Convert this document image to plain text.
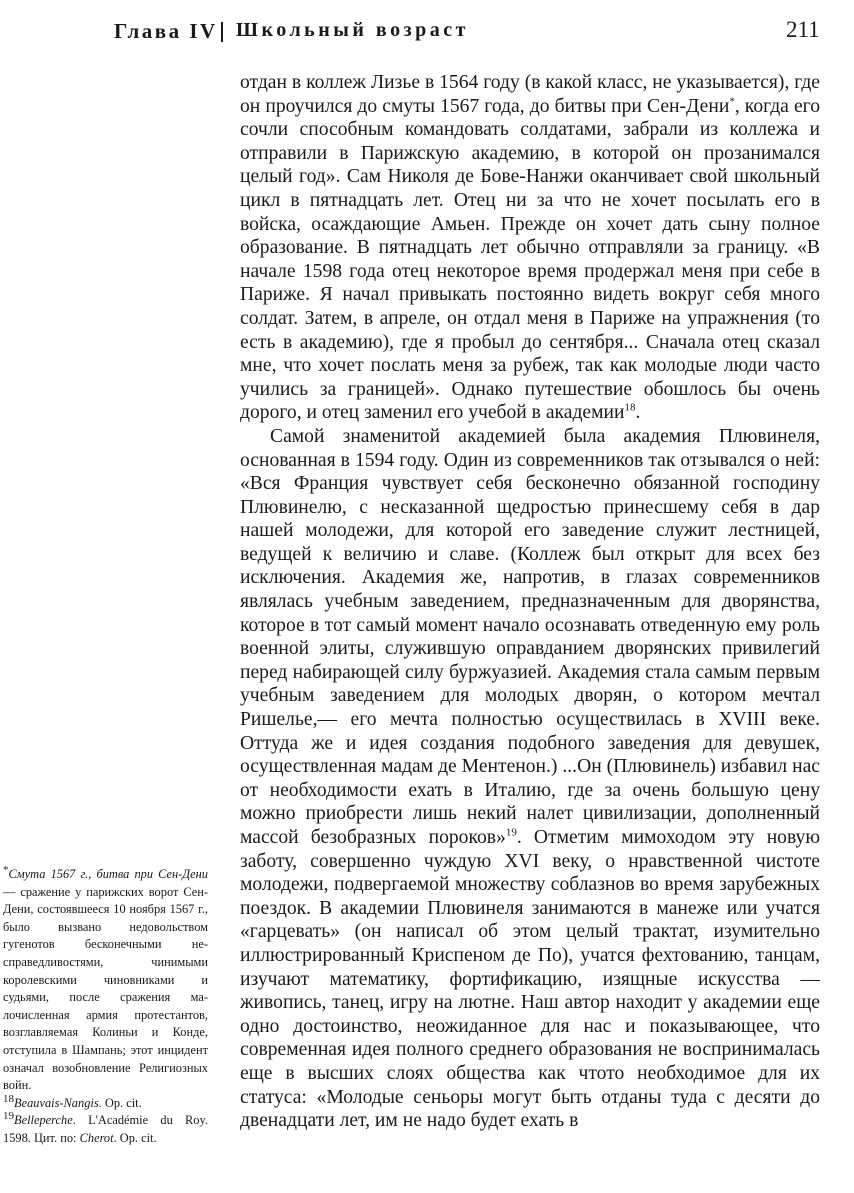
Глава IV Школьный возраст	211

отдан в коллеж Лизье в 1564 году (в какой класс, не указывается), где он проучился до смуты 1567 года, до битвы при Сен-Дени*, когда его сочли способным командовать солдатами, забрали из коллежа и отправили в Парижскую академию, в которой он прозанимался целый год». Сам Николя де Бове-Нанжи оканчивает свой школьный цикл в пятнадцать лет. Отец ни за что не хочет посылать его в войска, осаждающие Амьен. Прежде он хочет дать сыну полное образование. В пятнадцать лет обычно отправляли за границу. «В начале 1598 года отец некоторое время продержал меня при себе в Париже. Я начал привыкать постоянно видеть вокруг себя много солдат. Затем, в апреле, он отдал меня в Париже на упражнения (то есть в академию), где я пробыл до сентября... Сначала отец сказал мне, что хочет послать меня за рубеж, так как молодые люди часто учились за границей». Однако путешествие обошлось бы очень дорого, и отец заменил его учебой в академии$^{18}$.

Самой знаменитой академией была академия Плювинеля, основанная в 1594 году. Один из современников так отзывался о ней: «Вся Франция чувствует себя бесконечно обязанной господину Плювинелю, с несказанной щедростью принесшему себя в дар нашей молодежи, для которой его заведение служит лестницей, ведущей к величию и славе. (Коллеж был открыт для всех без исключения. Академия же, напротив, в глазах современников являлась учебным заведением, предназначенным для дворянства, которое в тот самый момент начало осознавать отведенную ему роль военной элиты, служившую оправданием дворянских привилегий перед набирающей силу буржуазией. Академия стала самым первым учебным заведением для молодых дворян, о котором мечтал Ришелье,— его мечта полностью осуществилась в XVIII веке. Оттуда же и идея создания подобного заведения для девушек, осуществленная мадам де Ментенон.) ...Он (Плювинель) избавил нас от необходимости ехать в Италию, где за очень большую цену можно приобрести лишь некий налет цивилизации, дополненный массой безобразных пороков»$^{19}$. Отметим мимоходом эту новую заботу, совершенно чуждую XVI веку, о нравственной чистоте молодежи, подвергаемой множеству соблазнов во время зарубежных поездок. В академии Плювинеля занимаются в манеже или учатся «гарцевать» (он написал об этом целый трактат, изумительно иллюстрированный Криспеном де По), учатся фехтованию, танцам, изучают математику, фортификацию, изящные искусства — живопись, танец, игру на лютне. Наш автор находит у академии еще одно достоинство, неожиданное для нас и показывающее, что современная идея полного среднего образования не воспринималась еще в высших слоях общества как чтото необходимое для их статуса: «Молодые сеньоры могут быть отданы туда с десяти до двенадцати лет, им не надо будет ехать в

*Смута 1567 г., битва при Сен-Дени — сражение у парижских ворот Сен-Дени, состоявшееся 10 ноября 1567 г., было вызвано недовольством гугенотов бесконечными несправедливостями, чинимыми королевскими чиновниками и судьями, после сражения малочисленная армия протестантов, возглавляемая Колиньи и Конде, отступила в Шампань; этот инцидент означал возобновление Религиозных войн.

$^{18}$Beauvais-Nangis. Op. cit.

$^{19}$Belleperche. L'Académie du Roy. 1598. Цит. по: Cherot. Op. cit.
